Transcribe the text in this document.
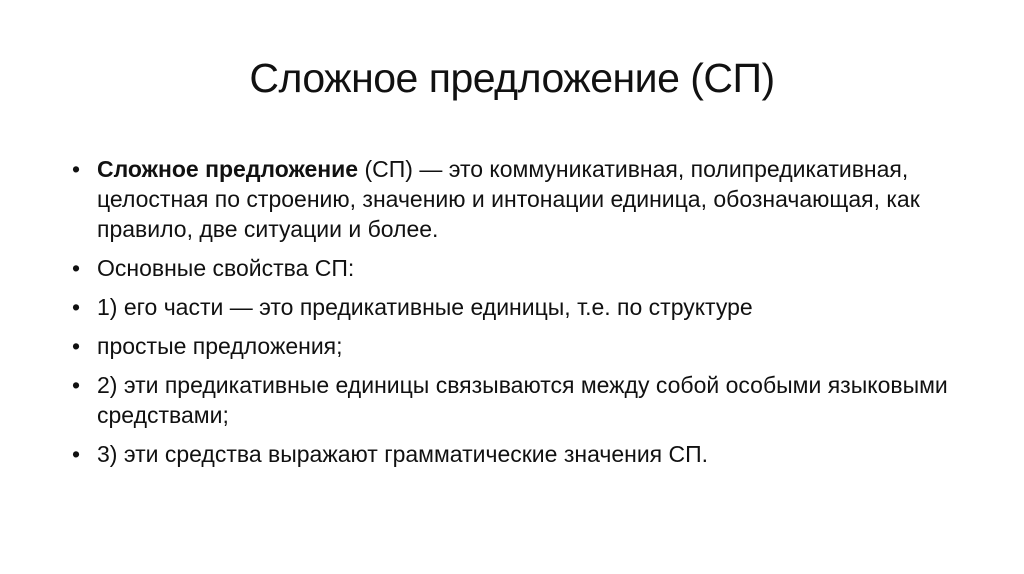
Сложное предложение (СП)
• Сложное предложение (СП) — это коммуникативная, полипредикативная, целостная по строению, значению и интонации единица, обозначающая, как правило, две ситуации и более.
• Основные свойства СП:
• 1) его части — это предикативные единицы, т.е. по структуре
• простые предложения;
• 2) эти предикативные единицы связываются между собой особыми языковыми средствами;
• 3) эти средства выражают грамматические значения СП.
